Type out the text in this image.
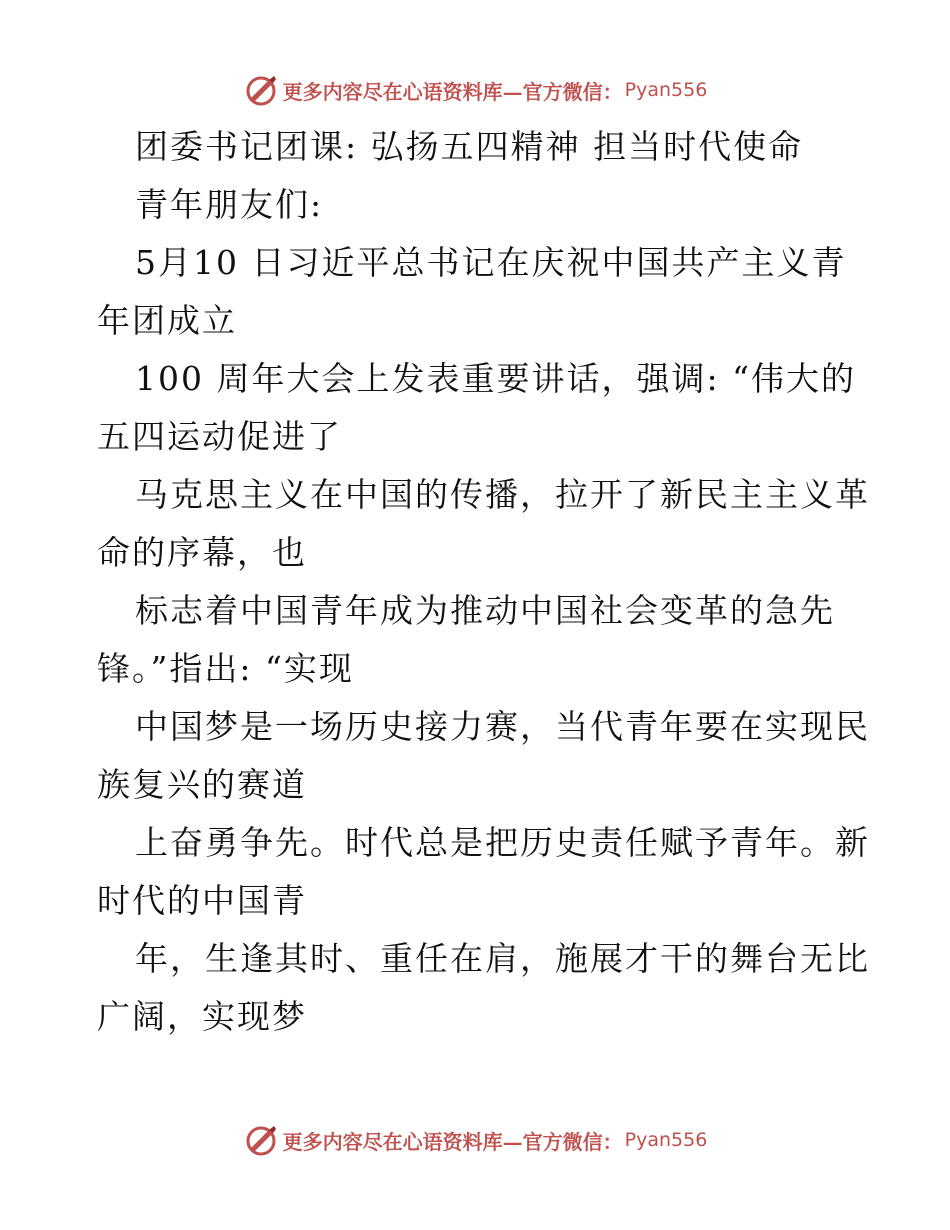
更多内容尽在心语资料库—官方微信： Pyan556
团委书记团课: 弘扬五四精神 担当时代使命
青年朋友们:
5月10 日习近平总书记在庆祝中国共产主义青
年团成立
100 周年大会上发表重要讲话，强调: “伟大的
五四运动促进了
马克思主义在中国的传播，拉开了新民主主义革
命的序幕，也
标志着中国青年成为推动中国社会变革的急先
锋。”指出: “实现
中国梦是一场历史接力赛，当代青年要在实现民
族复兴的赛道
上奋勇争先。时代总是把历史责任赋予青年。新
时代的中国青
年，生逢其时、重任在肩，施展才干的舞台无比
广阔，实现梦
更多内容尽在心语资料库—官方微信： Pyan556
